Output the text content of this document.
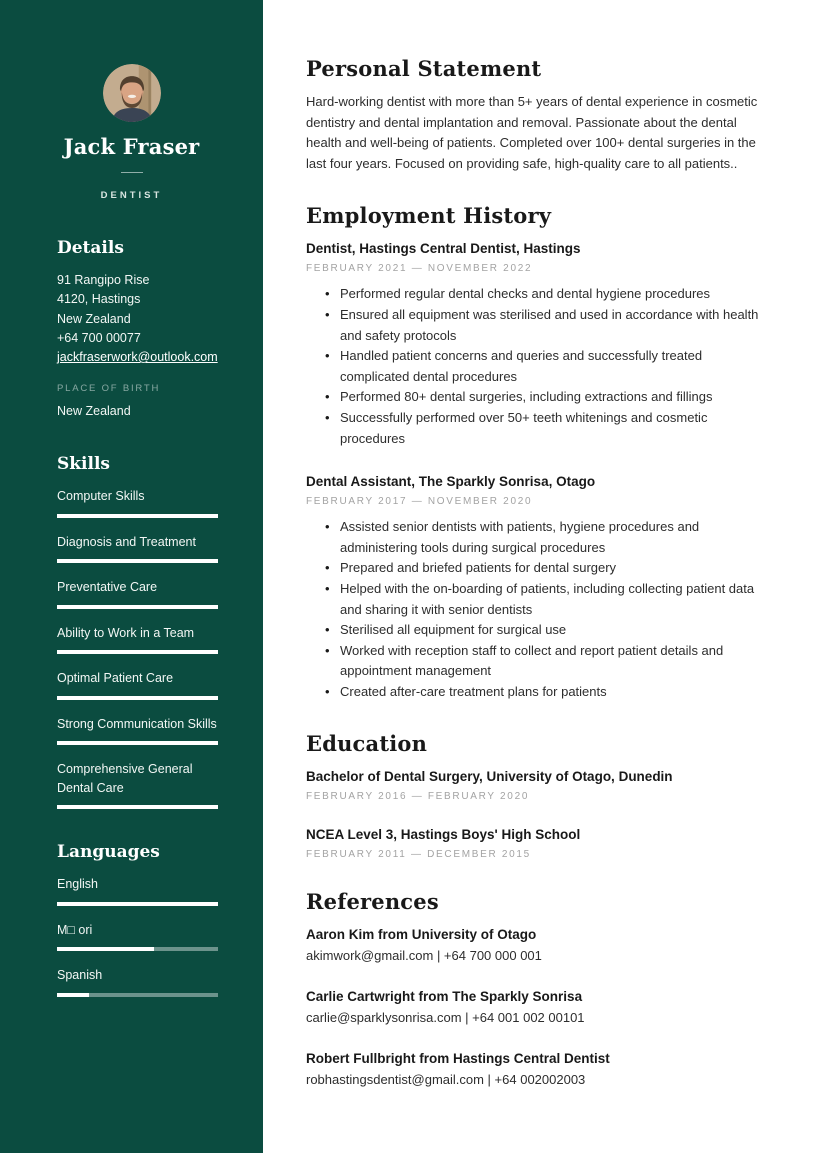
Jack Fraser
DENTIST
Details
91 Rangipo Rise
4120, Hastings
New Zealand
+64 700 00077
jackfraserwork@outlook.com
PLACE OF BIRTH
New Zealand
Skills
Computer Skills
Diagnosis and Treatment
Preventative Care
Ability to Work in a Team
Optimal Patient Care
Strong Communication Skills
Comprehensive General Dental Care
Languages
English
M□ ori
Spanish
Personal Statement

Hard-working dentist with more than 5+ years of dental experience in cosmetic dentistry and dental implantation and removal. Passionate about the dental health and well-being of patients. Completed over 100+ dental surgeries in the last four years. Focused on providing safe, high-quality care to all patients..

Employment History
Dentist, Hastings Central Dentist, Hastings
FEBRUARY 2021 — NOVEMBER 2022
• Performed regular dental checks and dental hygiene procedures
• Ensured all equipment was sterilised and used in accordance with health and safety protocols
• Handled patient concerns and queries and successfully treated complicated dental procedures
• Performed 80+ dental surgeries, including extractions and fillings
• Successfully performed over 50+ teeth whitenings and cosmetic procedures
Dental Assistant, The Sparkly Sonrisa, Otago
FEBRUARY 2017 — NOVEMBER 2020
• Assisted senior dentists with patients, hygiene procedures and administering tools during surgical procedures
• Prepared and briefed patients for dental surgery
• Helped with the on-boarding of patients, including collecting patient data and sharing it with senior dentists
• Sterilised all equipment for surgical use
• Worked with reception staff to collect and report patient details and appointment management
• Created after-care treatment plans for patients
Education
Bachelor of Dental Surgery, University of Otago, Dunedin
FEBRUARY 2016 — FEBRUARY 2020
NCEA Level 3, Hastings Boys' High School
FEBRUARY 2011 — DECEMBER 2015
References
Aaron Kim from University of Otago
akimwork@gmail.com | +64 700 000 001
Carlie Cartwright from The Sparkly Sonrisa
carlie@sparklysonrisa.com | +64 001 002 00101
Robert Fullbright from Hastings Central Dentist
robhastingsdentist@gmail.com | +64 002002003
